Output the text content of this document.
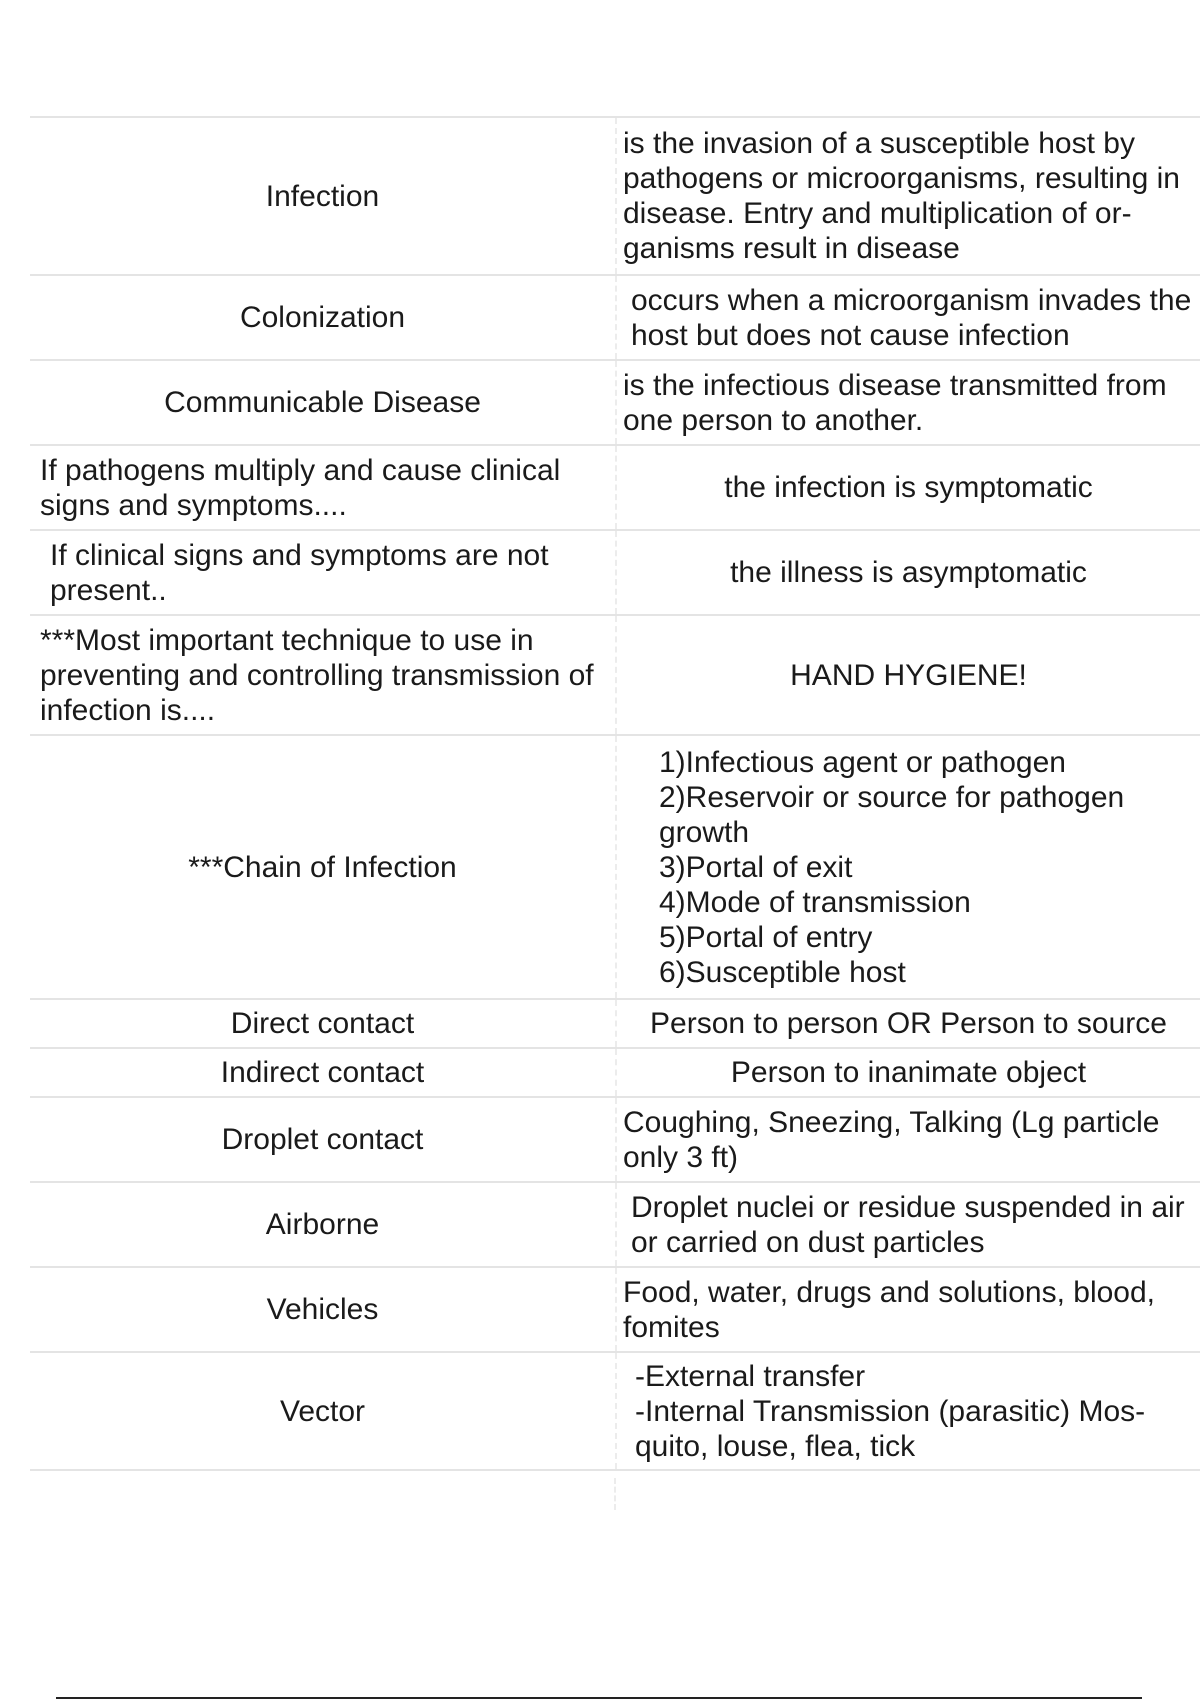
Infection
is the invasion of a susceptible host by pathogens or microorganisms, resulting in disease. Entry and multiplication of organisms result in disease
Colonization
occurs when a microorganism invades the host but does not cause infection
Communicable Disease
is the infectious disease transmitted from one person to another.
If pathogens multiply and cause clinical signs and symptoms....
the infection is symptomatic
If clinical signs and symptoms are not present..
the illness is asymptomatic
***Most important technique to use in preventing and controlling transmission of infection is....
HAND HYGIENE!
***Chain of Infection
1)Infectious agent or pathogen
2)Reservoir or source for pathogen growth
3)Portal of exit
4)Mode of transmission
5)Portal of entry
6)Susceptible host
Direct contact	Person to person OR Person to source
Indirect contact	Person to inanimate object
Droplet contact
Coughing, Sneezing, Talking (Lg particle only 3 ft)
Airborne
Droplet nuclei or residue suspended in air or carried on dust particles
Vehicles
Food, water, drugs and solutions, blood, fomites
Vector
-External transfer
-Internal Transmission (parasitic) Mosquito, louse, flea, tick
